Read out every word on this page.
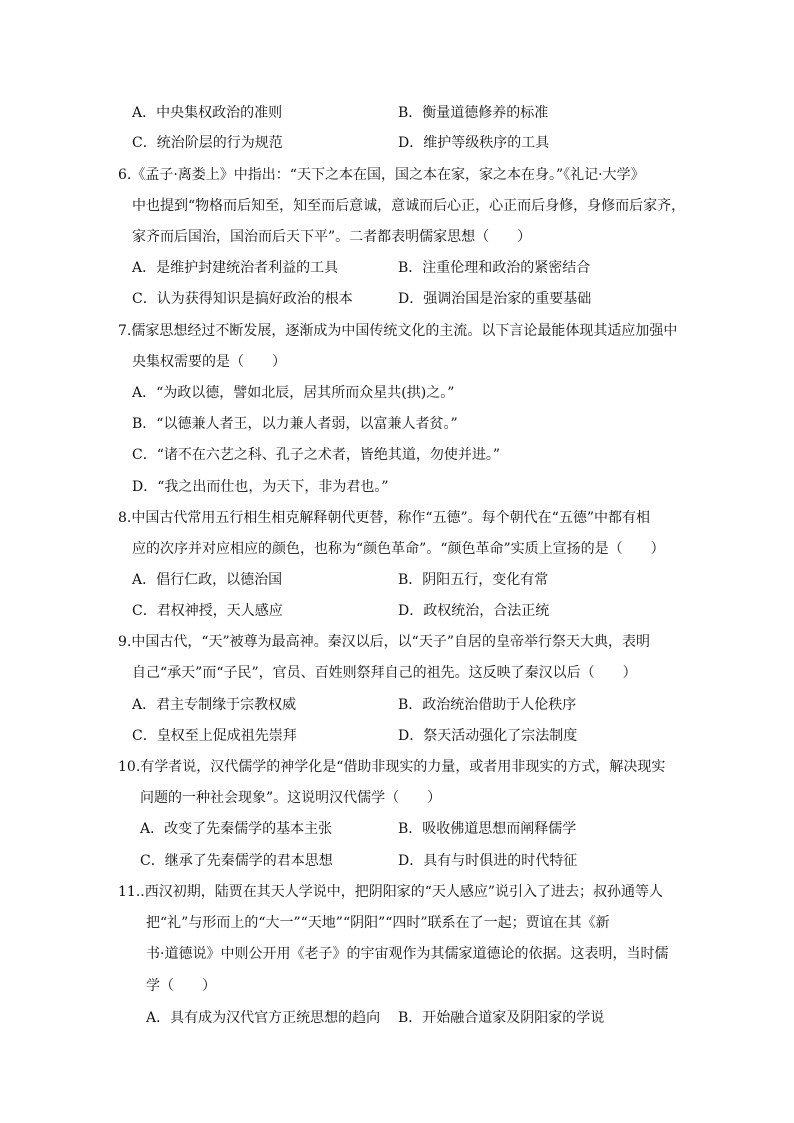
A．中央集权政治的准则	B．衡量道德修养的标准
C．统治阶层的行为规范	D．维护等级秩序的工具
6.《孟子·离娄上》中指出：“天下之本在国，国之本在家，家之本在身。”《礼记·大学》
中也提到“物格而后知至，知至而后意诚，意诚而后心正，心正而后身修，身修而后家齐，
家齐而后国治，国治而后天下平”。二者都表明儒家思想（　　）
A．是维护封建统治者利益的工具	B．注重伦理和政治的紧密结合
C．认为获得知识是搞好政治的根本	D．强调治国是治家的重要基础
7.儒家思想经过不断发展，逐渐成为中国传统文化的主流。以下言论最能体现其适应加强中
央集权需要的是（　　）
A．“为政以德，譬如北辰，居其所而众星共(拱)之。”
B．“以德兼人者王，以力兼人者弱，以富兼人者贫。”
C．“诸不在六艺之科、孔子之术者，皆绝其道，勿使并进。”
D．“我之出而仕也，为天下，非为君也。”
8.中国古代常用五行相生相克解释朝代更替，称作“五德”。每个朝代在“五德”中都有相
应的次序并对应相应的颜色，也称为“颜色革命”。“颜色革命”实质上宣扬的是（　　）
A．倡行仁政，以德治国	B．阴阳五行，变化有常
C．君权神授，天人感应	D．政权统治，合法正统
9.中国古代，“天”被尊为最高神。秦汉以后，以“天子”自居的皇帝举行祭天大典，表明
自己“承天”而“子民”，官员、百姓则祭拜自己的祖先。这反映了秦汉以后（　　）
A．君主专制缘于宗教权威	B．政治统治借助于人伦秩序
C．皇权至上促成祖先崇拜	D．祭天活动强化了宗法制度
10.有学者说，汉代儒学的神学化是“借助非现实的力量，或者用非现实的方式，解决现实
问题的一种社会现象”。这说明汉代儒学（　　）
A．改变了先秦儒学的基本主张	B．吸收佛道思想而阐释儒学
C．继承了先秦儒学的君本思想	D．具有与时俱进的时代特征
11..西汉初期，陆贾在其天人学说中，把阴阳家的“天人感应”说引入了进去；叔孙通等人
把“礼”与形而上的“大一”“天地”“阴阳”“四时”联系在了一起；贾谊在其《新
书·道德说》中则公开用《老子》的宇宙观作为其儒家道德论的依据。这表明，当时儒
学（　　）
A．具有成为汉代官方正统思想的趋向 B．开始融合道家及阴阳家的学说
